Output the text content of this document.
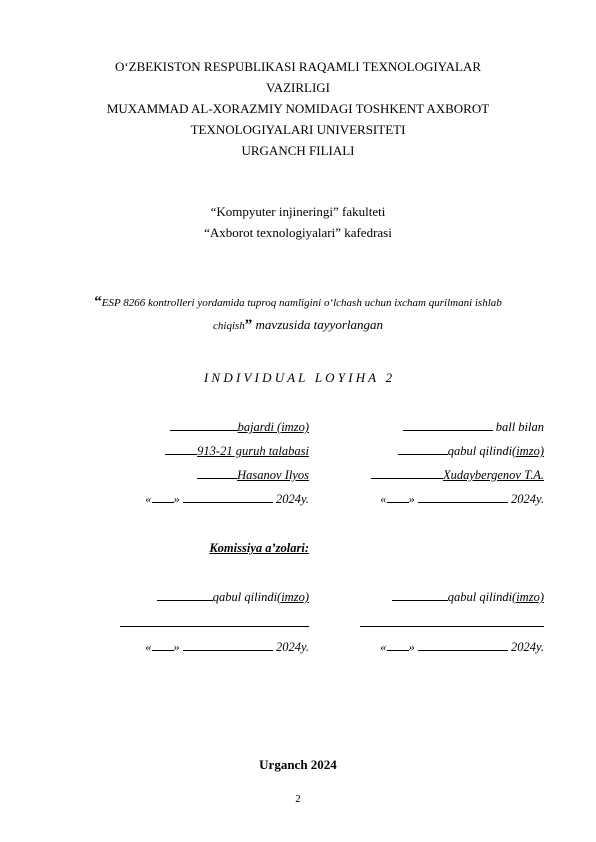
O‘ZBEKISTON RESPUBLIKASI RAQAMLI TEXNOLOGIYALAR
VAZIRLIGI
MUXAMMAD AL-XORAZMIY NOMIDAGI TOSHKENT AXBOROT
TEXNOLOGIYALARI UNIVERSITETI
URGANCH FILIALI
“Kompyuter injineringi” fakulteti
“Axborot texnologiyalari” kafedrasi
“ESP 8266 kontrolleri yordamida tuproq namligini o‘lchash uchun ixcham qurilmani ishlab
chiqish” mavzusida tayyorlangan
I N D I V I D U A L   L O Y I H A   2
bajardi (imzo)
913-21 guruh talabasi
Hasanov Ilyos
« »	2024y.
ball bilan
qabul qilindi(imzo)
Xudaybergenov T.A.
« »	2024y.
Komissiya a’zolari:
qabul qilindi(imzo)
« »	2024y.
qabul qilindi(imzo)
« »	2024y.
Urganch 2024
2
